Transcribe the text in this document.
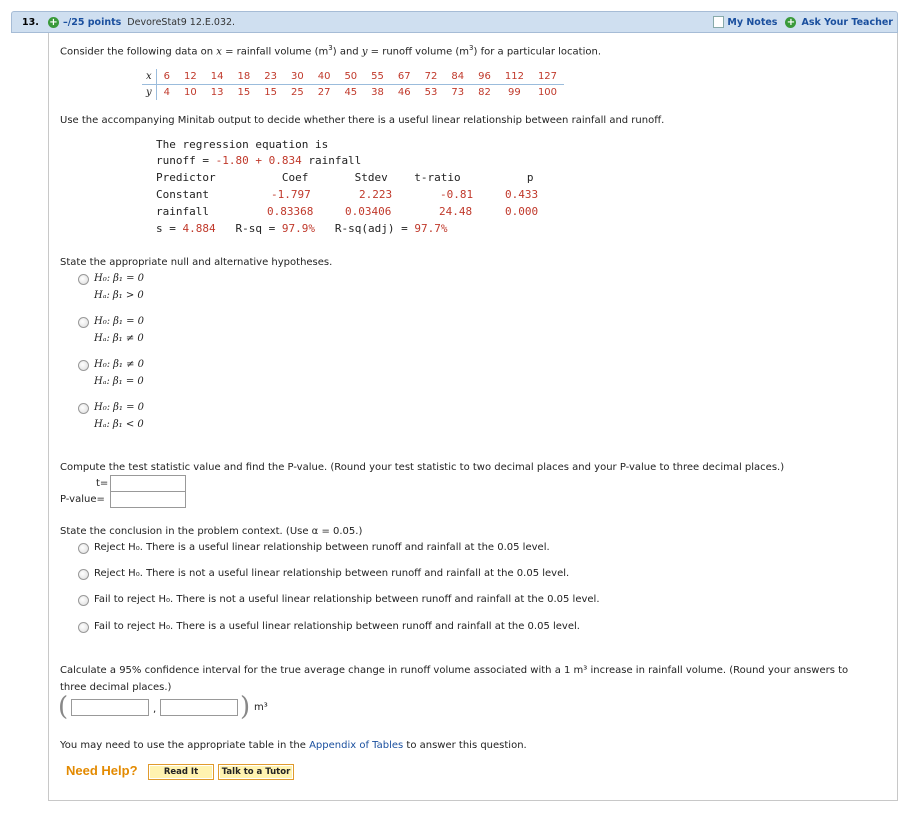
13.	+ –/25 points DevoreStat9 12.E.032.	My Notes + Ask Your Teacher
Consider the following data on x = rainfall volume $(m^3)$ and y = runoff volume $(m^3)$ for a particular location.
x	6	12	14	18	23	30	40	50	55	67	72	84	96	112	127
y	4	10	13	15	15	25	27	45	38	46	53	73	82	99	100
Use the accompanying Minitab output to decide whether there is a useful linear relationship between rainfall and runoff.
The regression equation is
runoff = -1.80 + 0.834 rainfall
Predictor          Coef       Stdev    t-ratio          p
Constant	-1.797	2.223	-0.81	0.433
rainfall	0.83368	0.03406	24.48	0.000
s = 4.884 R-sq = 97.9% R-sq(adj) = 97.7%
State the appropriate null and alternative hypotheses.
H₀: β₁ = 0
Hₐ: β₁ > 0
H₀: β₁ = 0
Hₐ: β₁ ≠ 0
H₀: β₁ ≠ 0
Hₐ: β₁ = 0
H₀: β₁ = 0
Hₐ: β₁ < 0
Compute the test statistic value and find the P-value. (Round your test statistic to two decimal places and your P-value to three decimal places.)
t=
P-value=
State the conclusion in the problem context. (Use α = 0.05.)
Reject H₀. There is a useful linear relationship between runoff and rainfall at the 0.05 level.
Reject H₀. There is not a useful linear relationship between runoff and rainfall at the 0.05 level.
Fail to reject H₀. There is not a useful linear relationship between runoff and rainfall at the 0.05 level.
Fail to reject H₀. There is a useful linear relationship between runoff and rainfall at the 0.05 level.
Calculate a 95% confidence interval for the true average change in runoff volume associated with a 1 m³ increase in rainfall volume. (Round your answers to
three decimal places.)
(	,	) m³
You may need to use the appropriate table in the Appendix of Tables to answer this question.
Need Help?	Read It	Talk to a Tutor
